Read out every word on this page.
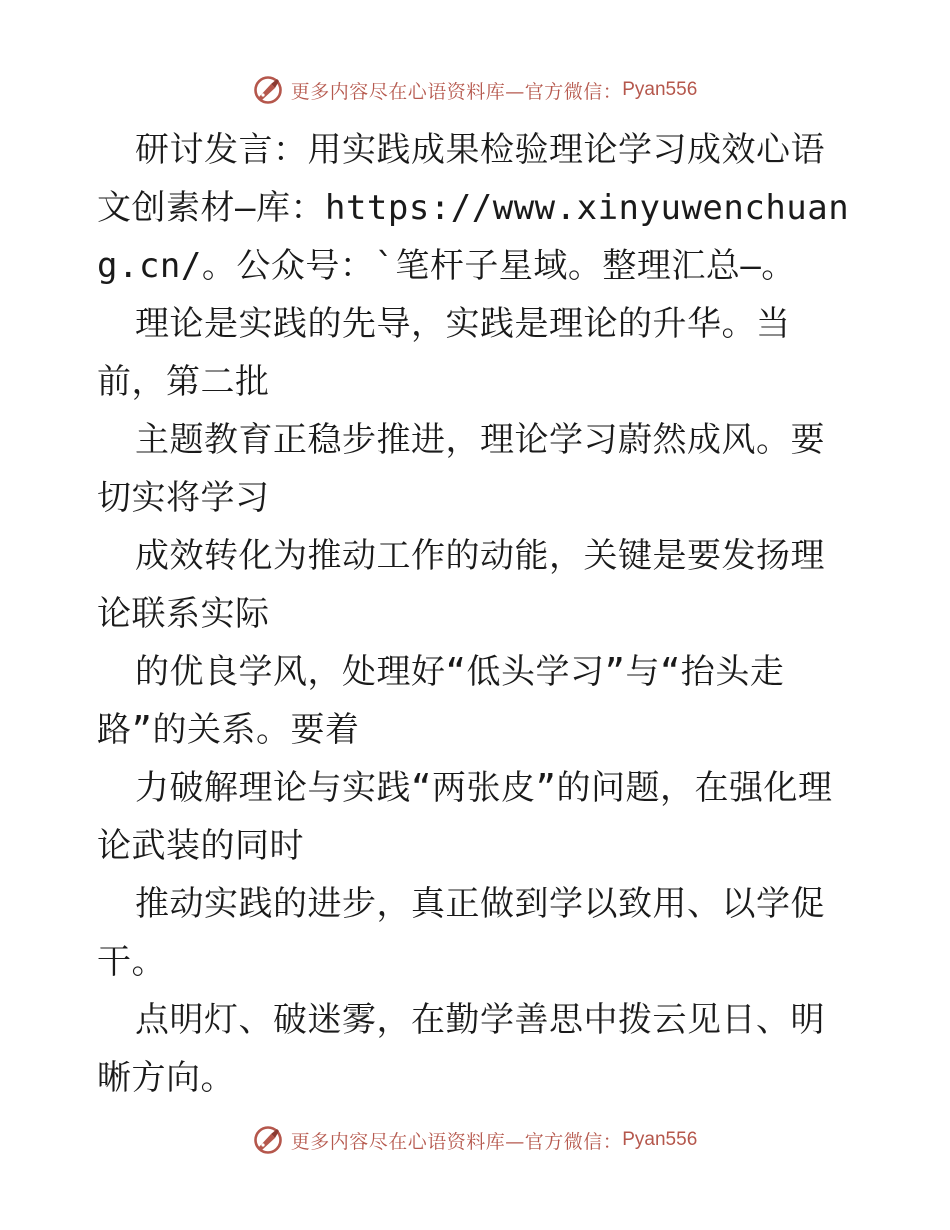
更多内容尽在心语资料库—官方微信： Pyan556

研讨发言：用实践成果检验理论学习成效心语文创素材—库：https://www.xinyuwenchuang.cn/。公众号：`笔杆子星域。整理汇总—。

理论是实践的先导，实践是理论的升华。当前，第二批

主题教育正稳步推进，理论学习蔚然成风。要切实将学习

成效转化为推动工作的动能，关键是要发扬理论联系实际

的优良学风，处理好“低头学习”与“抬头走路”的关系。要着

力破解理论与实践“两张皮”的问题，在强化理论武装的同时

推动实践的进步，真正做到学以致用、以学促干。

点明灯、破迷雾，在勤学善思中拨云见日、明晰方向。

更多内容尽在心语资料库—官方微信： Pyan556
